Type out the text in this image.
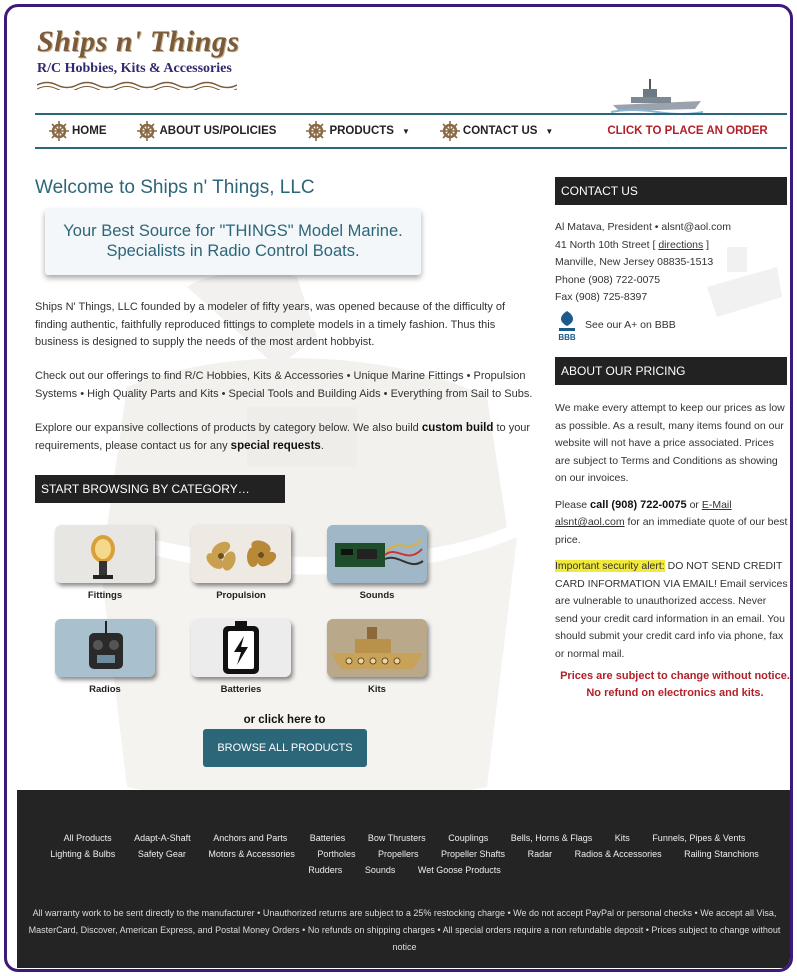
Ships n' Things
R/C Hobbies, Kits & Accessories
HOME	ABOUT US/POLICIES	PRODUCTS ▼	CONTACT US ▼	CLICK TO PLACE AN ORDER
Welcome to Ships n' Things, LLC
Your Best Source for "THINGS" Model Marine.
Specialists in Radio Control Boats.
Ships N' Things, LLC founded by a modeler of fifty years, was opened because of the difficulty of finding authentic, faithfully reproduced fittings to complete models in a timely fashion. Thus this business is designed to supply the needs of the most ardent hobbyist.
Check out our offerings to find R/C Hobbies, Kits & Accessories • Unique Marine Fittings • Propulsion Systems • High Quality Parts and Kits • Special Tools and Building Aids • Everything from Sail to Subs.
Explore our expansive collections of products by category below. We also build custom build to your requirements, please contact us for any special requests.
START BROWSING BY CATEGORY…
Fittings	Propulsion	Sounds
Radios	Batteries	Kits
or click here to
BROWSE ALL PRODUCTS
CONTACT US
Al Matava, President • alsnt@aol.com
41 North 10th Street [ directions ]
Manville, New Jersey 08835-1513
Phone (908) 722-0075
Fax (908) 725-8397
BBB
See our A+ on BBB
ABOUT OUR PRICING

We make every attempt to keep our prices as low as possible. As a result, many items found on our website will not have a price associated. Prices are subject to Terms and Conditions as showing on our invoices.

Please call (908) 722-0075 or E-Mail alsnt@aol.com for an immediate quote of our best price.

Important security alert: DO NOT SEND CREDIT CARD INFORMATION VIA EMAIL! Email services are vulnerable to unauthorized access. Never send your credit card information in an email. You should submit your credit card info via phone, fax or normal mail.

Prices are subject to change without notice.
No refund on electronics and kits.
All Products	Adapt-A-Shaft	Anchors and Parts	Batteries	Bow Thrusters	Couplings	Bells, Horns & Flags	Kits	Funnels, Pipes & Vents Lighting & Bulbs	Safety Gear	Motors & Accessories	Portholes	Propellers	Propeller Shafts	Radar	Radios & Accessories	Railing Stanchions Rudders	Sounds	Wet Goose Products
All warranty work to be sent directly to the manufacturer • Unauthorized returns are subject to a 25% restocking charge • We do not accept PayPal or personal checks • We accept all Visa, MasterCard, Discover, American Express, and Postal Money Orders • No refunds on shipping charges • All special orders require a non refundable deposit • Prices subject to change without notice
